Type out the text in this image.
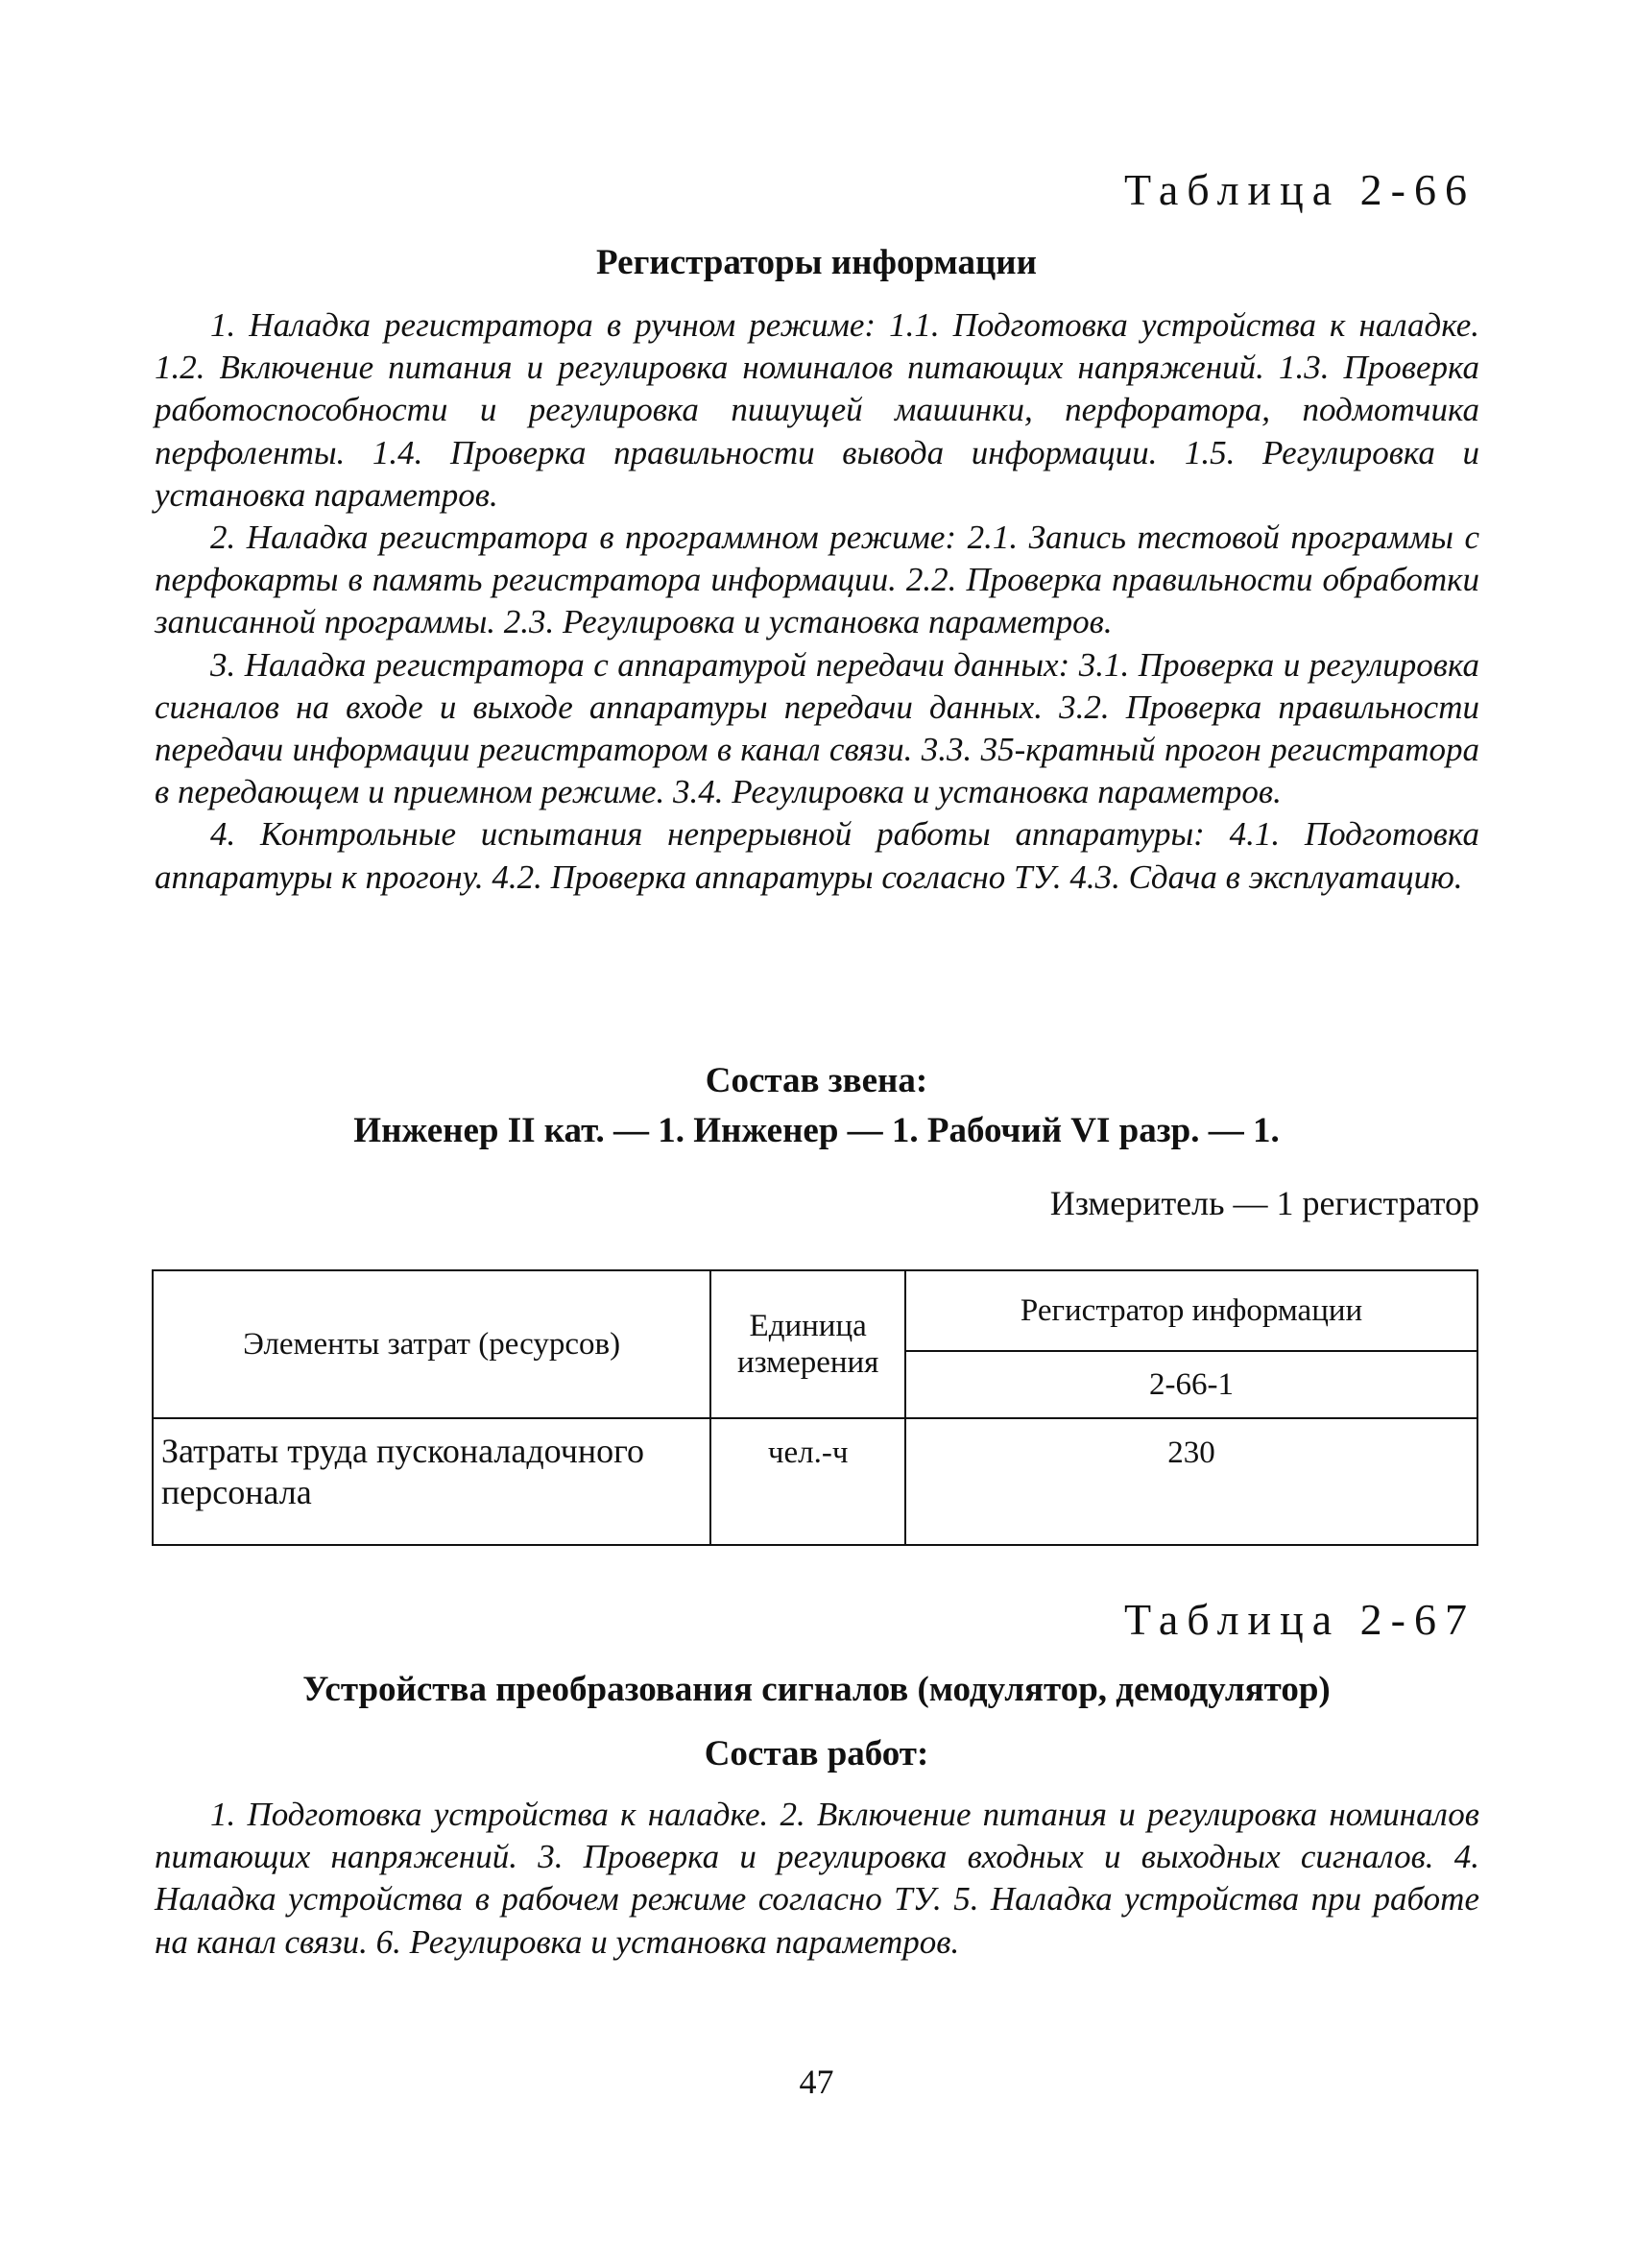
Таблица 2-66
Регистраторы информации

1. Наладка регистратора в ручном режиме: 1.1. Подготовка устройства к наладке. 1.2. Включение питания и регулировка номиналов питающих напряжений. 1.3. Проверка работоспособности и регулировка пишущей машинки, перфоратора, подмотчика перфоленты. 1.4. Проверка правильности вывода информации. 1.5. Регулировка и установка параметров.

2. Наладка регистратора в программном режиме: 2.1. Запись тестовой программы с перфокарты в память регистратора информации. 2.2. Проверка правильности обработки записанной программы. 2.3. Регулировка и установка параметров.

3. Наладка регистратора с аппаратурой передачи данных: 3.1. Проверка и регулировка сигналов на входе и выходе аппаратуры передачи данных. 3.2. Проверка правильности передачи информации регистратором в канал связи. 3.3. 35-кратный прогон регистратора в передающем и приемном режиме. 3.4. Регулировка и установка параметров.

4. Контрольные испытания непрерывной работы аппаратуры: 4.1. Подготовка аппаратуры к прогону. 4.2. Проверка аппаратуры согласно ТУ. 4.3. Сдача в эксплуатацию.

Состав звена:
Инженер II кат. — 1. Инженер — 1. Рабочий VI разр. — 1.
Измеритель — 1 регистратор
Элементы затрат (ресурсов)	Единица измерения	Регистратор информации
		2-66-1
Затраты труда пусконаладочного персонала	чел.-ч	230
Таблица 2-67
Устройства преобразования сигналов (модулятор, демодулятор)
Состав работ:

1. Подготовка устройства к наладке. 2. Включение питания и регулировка номиналов питающих напряжений. 3. Проверка и регулировка входных и выходных сигналов. 4. Наладка устройства в рабочем режиме согласно ТУ. 5. Наладка устройства при работе на канал связи. 6. Регулировка и установка параметров.

47
